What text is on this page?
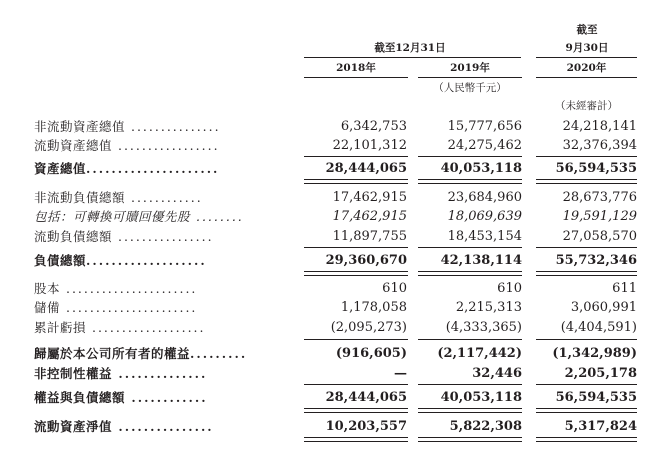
截至
截至12月31日	9月30日
2018年	2019年	2020年
（人民幣千元）
（未經審計）
非流動資產總值 ...............	6,342,753	15,777,656	24,218,141
流動資產總值 .................	22,101,312	24,275,462	32,376,394
資產總值.....................	28,444,065	40,053,118	56,594,535
非流動負債總額 ............	17,462,915	23,684,960	28,673,776
包括：可轉換可贖回優先股 ........	17,462,915	18,069,639	19,591,129
流動負債總額 ................	11,897,755	18,453,154	27,058,570
負債總額...................	29,360,670	42,138,114	55,732,346
股本 ......................	610	610	611
儲備 ......................	1,178,058	2,215,313	3,060,991
累計虧損 ...................	(2,095,273)	(4,333,365)	(4,404,591)
歸屬於本公司所有者的權益.........	(916,605)	(2,117,442)	(1,342,989)
非控制性權益 ..............	—	32,446	2,205,178
權益與負債總額 ............	28,444,065	40,053,118	56,594,535
流動資產淨值 ...............	10,203,557	5,822,308	5,317,824
